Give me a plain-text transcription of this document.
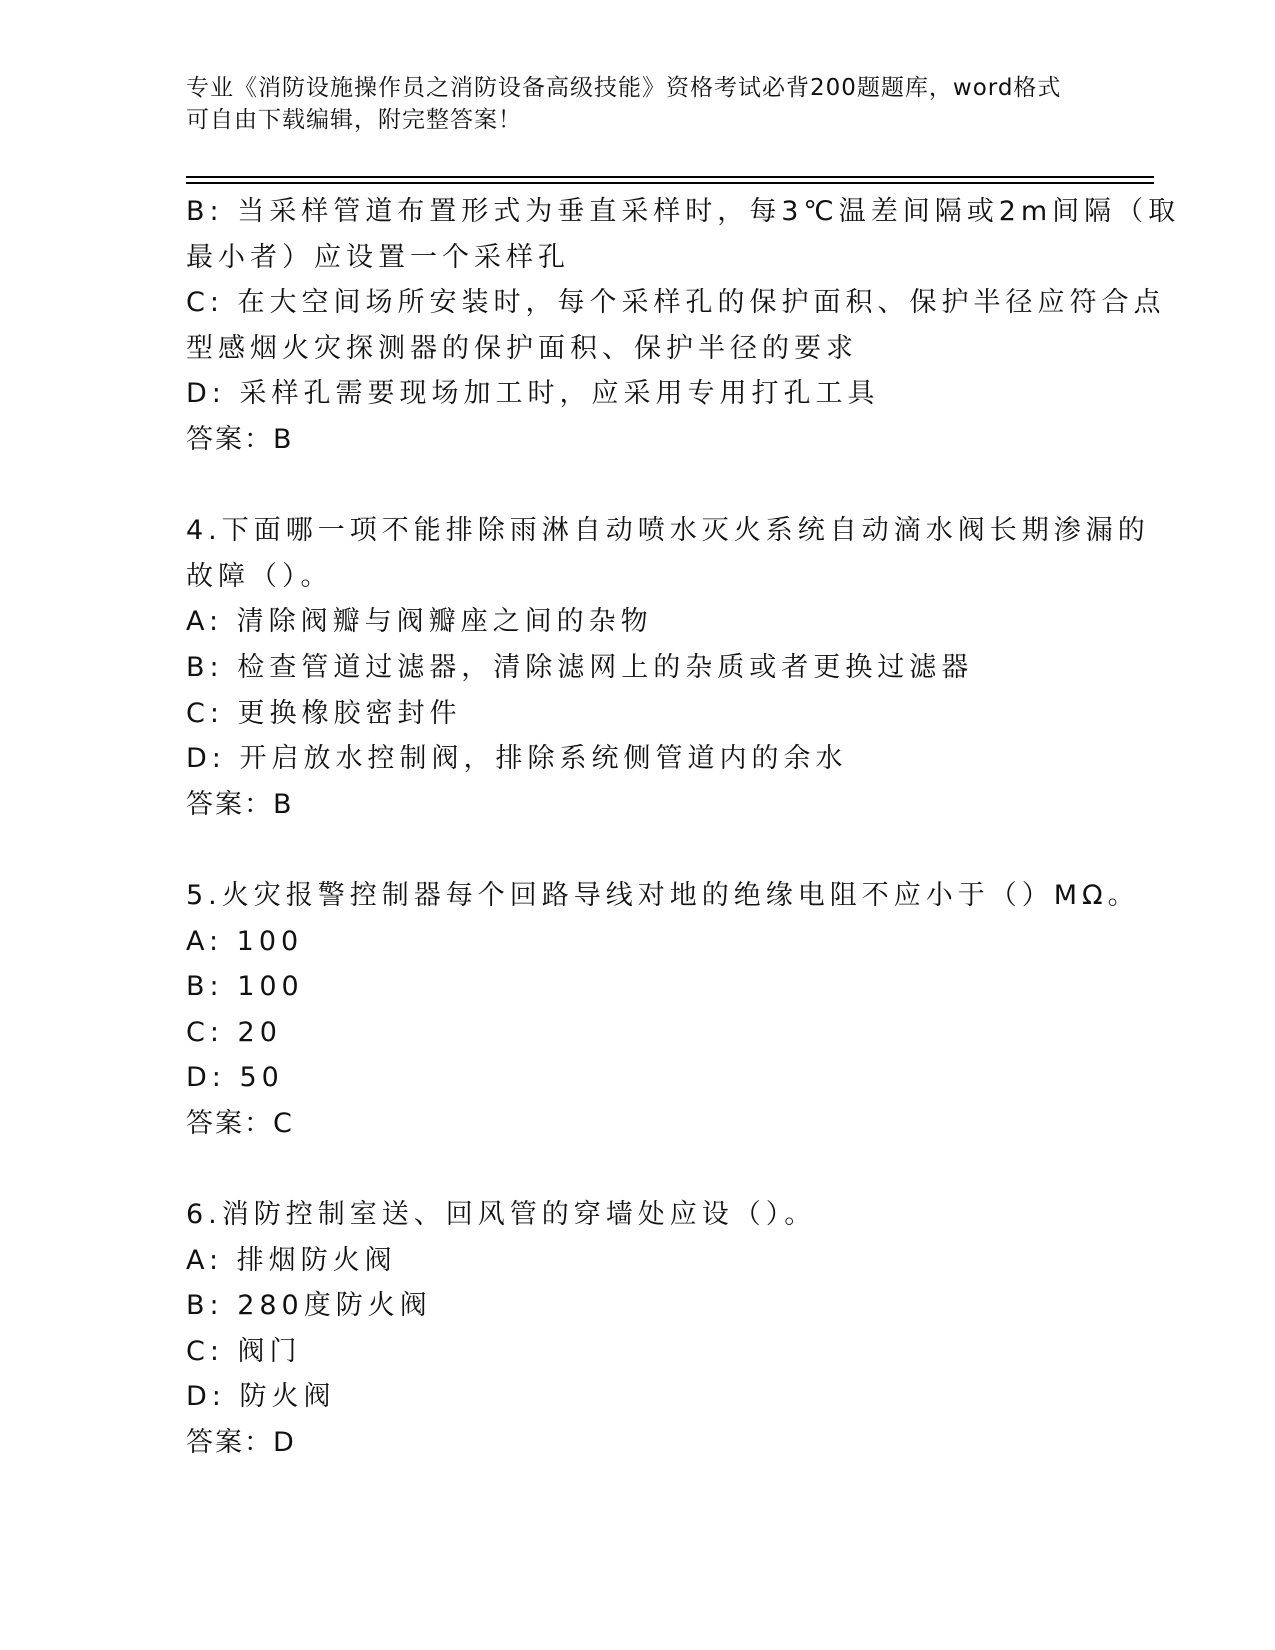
专业《消防设施操作员之消防设备高级技能》资格考试必背200题题库，word格式可自由下载编辑，附完整答案！
B: 当采样管道布置形式为垂直采样时，每3℃温差间隔或2m间隔（取
最小者）应设置一个采样孔
C: 在大空间场所安装时，每个采样孔的保护面积、保护半径应符合点
型感烟火灾探测器的保护面积、保护半径的要求
D: 采样孔需要现场加工时，应采用专用打孔工具
答案：B
4.下面哪一项不能排除雨淋自动喷水灭火系统自动滴水阀长期渗漏的
故障（）。
A: 清除阀瓣与阀瓣座之间的杂物
B: 检查管道过滤器，清除滤网上的杂质或者更换过滤器
C: 更换橡胶密封件
D: 开启放水控制阀，排除系统侧管道内的余水
答案：B
5.火灾报警控制器每个回路导线对地的绝缘电阻不应小于（）MΩ。
A: 100
B: 100
C: 20
D: 50
答案：C
6.消防控制室送、回风管的穿墙处应设（）。
A: 排烟防火阀
B: 280度防火阀
C: 阀门
D: 防火阀
答案：D
